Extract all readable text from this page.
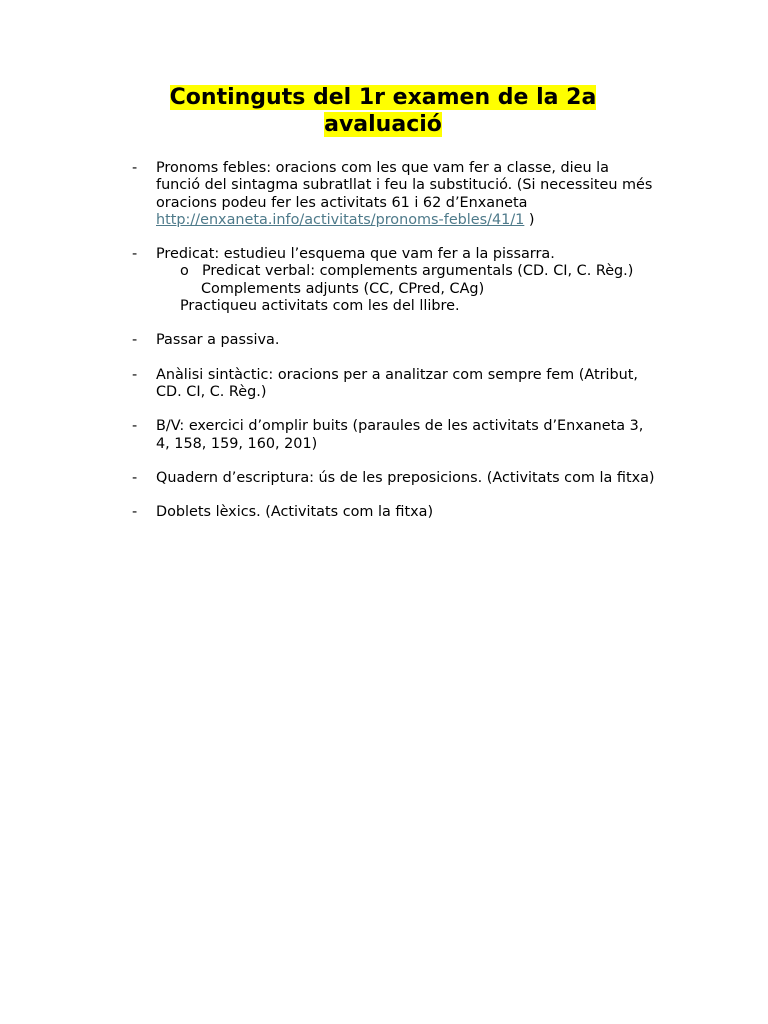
Continguts del 1r examen de la 2a
avaluació
- Pronoms febles: oracions com les que vam fer a classe, dieu la funció del sintagma subratllat i feu la substitució. (Si necessiteu més oracions podeu fer les activitats 61 i 62 d’Enxaneta
http://enxaneta.info/activitats/pronoms-febles/41/1 )
- Predicat: estudieu l’esquema que vam fer a la pissarra.
o Predicat verbal: complements argumentals (CD. CI, C. Règ.)
Complements adjunts (CC, CPred, CAg)
Practiqueu activitats com les del llibre.
- Passar a passiva.
- Anàlisi sintàctic: oracions per a analitzar com sempre fem (Atribut, CD. CI, C. Règ.)
- B/V: exercici d’omplir buits (paraules de les activitats d’Enxaneta 3, 4, 158, 159, 160, 201)
- Quadern d’escriptura: ús de les preposicions. (Activitats com la fitxa)
- Doblets lèxics. (Activitats com la fitxa)
